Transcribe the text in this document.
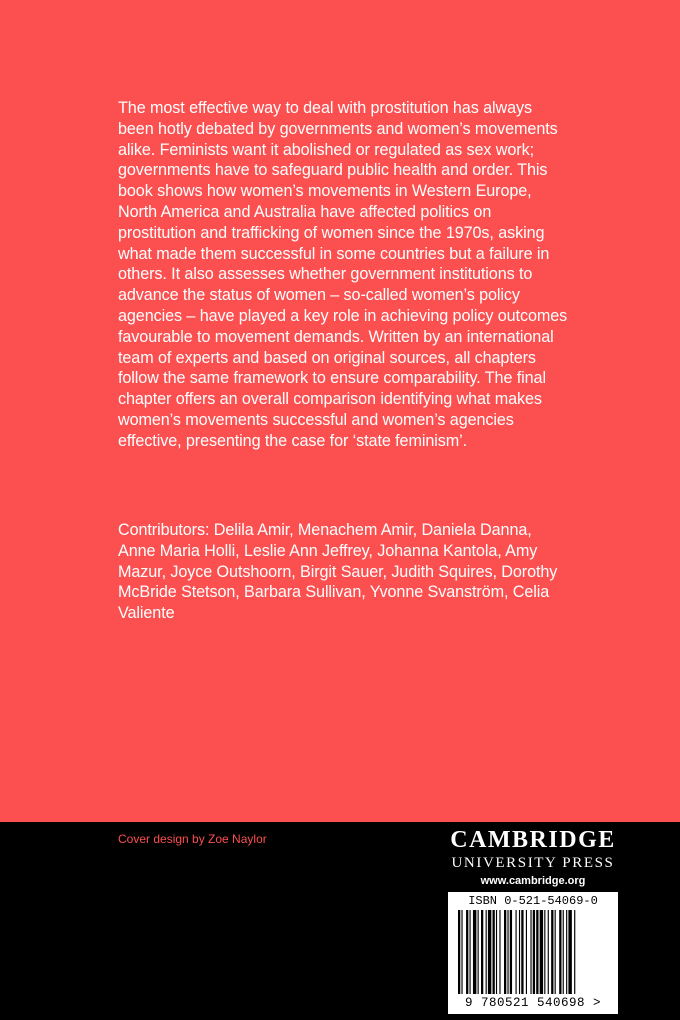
The most effective way to deal with prostitution has always been hotly debated by governments and women’s movements alike. Feminists want it abolished or regulated as sex work; governments have to safeguard public health and order. This book shows how women’s movements in Western Europe, North America and Australia have affected politics on prostitution and trafficking of women since the 1970s, asking what made them successful in some countries but a failure in others. It also assesses whether government institutions to advance the status of women – so-called women’s policy agencies – have played a key role in achieving policy outcomes favourable to movement demands. Written by an international team of experts and based on original sources, all chapters follow the same framework to ensure comparability. The final chapter offers an overall comparison identifying what makes women’s movements successful and women’s agencies effective, presenting the case for ‘state feminism’.

Contributors: Delila Amir, Menachem Amir, Daniela Danna, Anne Maria Holli, Leslie Ann Jeffrey, Johanna Kantola, Amy Mazur, Joyce Outshoorn, Birgit Sauer, Judith Squires, Dorothy McBride Stetson, Barbara Sullivan, Yvonne Svanström, Celia Valiente

Cover design by Zoe Naylor	CAMBRIDGE
UNIVERSITY PRESS
www.cambridge.org
ISBN 0-521-54069-0
9 780521 540698 >
